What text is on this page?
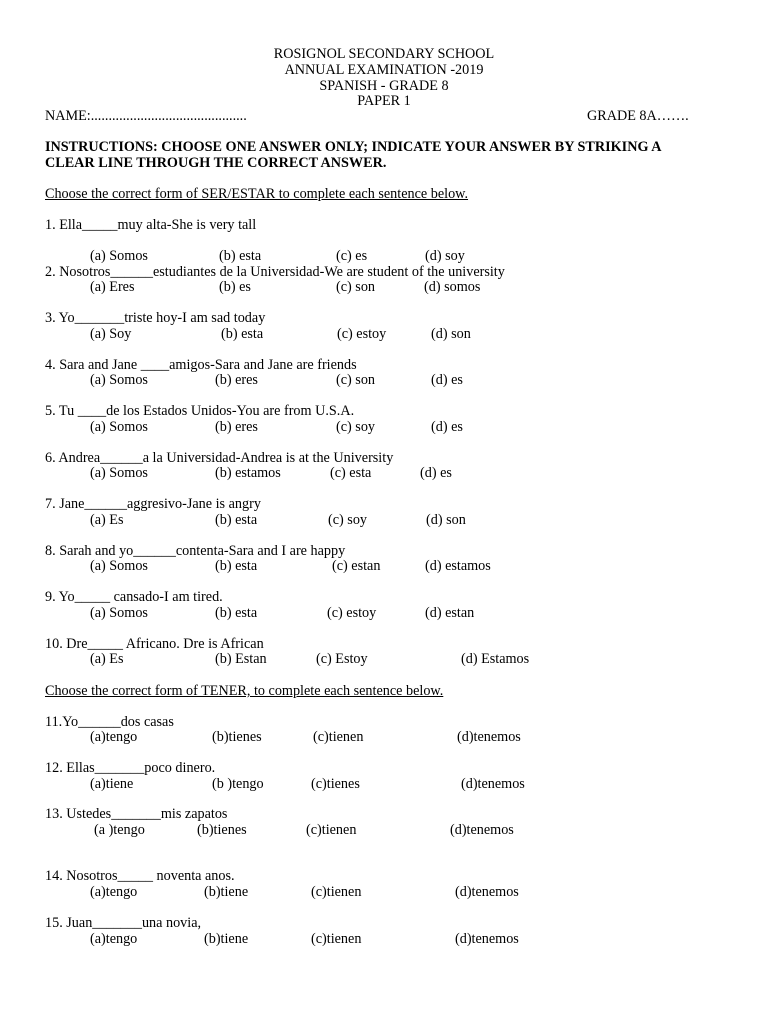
ROSIGNOL SECONDARY SCHOOL
ANNUAL EXAMINATION -2019
SPANISH - GRADE 8
PAPER 1
NAME:............................................	GRADE 8A…….
INSTRUCTIONS: CHOOSE ONE ANSWER ONLY; INDICATE YOUR ANSWER BY STRIKING A
CLEAR LINE THROUGH THE CORRECT ANSWER.
Choose the correct form of SER/ESTAR to complete each sentence below.
Choose the correct form of TENER, to complete each sentence below.
1. Ella_____muy alta-She is very tall
(a) Somos	(b) esta	(c) es	(d) soy
2. Nosotros______estudiantes de la Universidad-We are student of the university
(a) Eres	(b) es	(c) son	(d) somos
3. Yo_______triste hoy-I am sad today
(a) Soy	(b) esta	(c) estoy	(d) son
4. Sara and Jane ____amigos-Sara and Jane are friends
(a) Somos	(b) eres	(c) son	(d) es
5. Tu ____de los Estados Unidos-You are from U.S.A.
(a) Somos	(b) eres	(c) soy	(d) es
6. Andrea______a la Universidad-Andrea is at the University
(a) Somos	(b) estamos	(c) esta	(d) es
7. Jane______aggresivo-Jane is angry
(a) Es	(b) esta	(c) soy	(d) son
8. Sarah and yo______contenta-Sara and I are happy
(a) Somos	(b) esta	(c) estan	(d) estamos
9. Yo_____ cansado-I am tired.
(a) Somos	(b) esta	(c) estoy	(d) estan
10. Dre_____ Africano. Dre is African
(a) Es	(b) Estan	(c) Estoy	(d) Estamos
11.Yo______dos casas
(a)tengo	(b)tienes	(c)tienen	(d)tenemos
12. Ellas_______poco dinero.
(a)tiene	(b )tengo	(c)tienes	(d)tenemos
13. Ustedes_______mis zapatos
(a )tengo	(b)tienes	(c)tienen	(d)tenemos
14. Nosotros_____ noventa anos.
(a)tengo	(b)tiene	(c)tienen	(d)tenemos
15. Juan_______una novia,
(a)tengo	(b)tiene	(c)tienen	(d)tenemos
